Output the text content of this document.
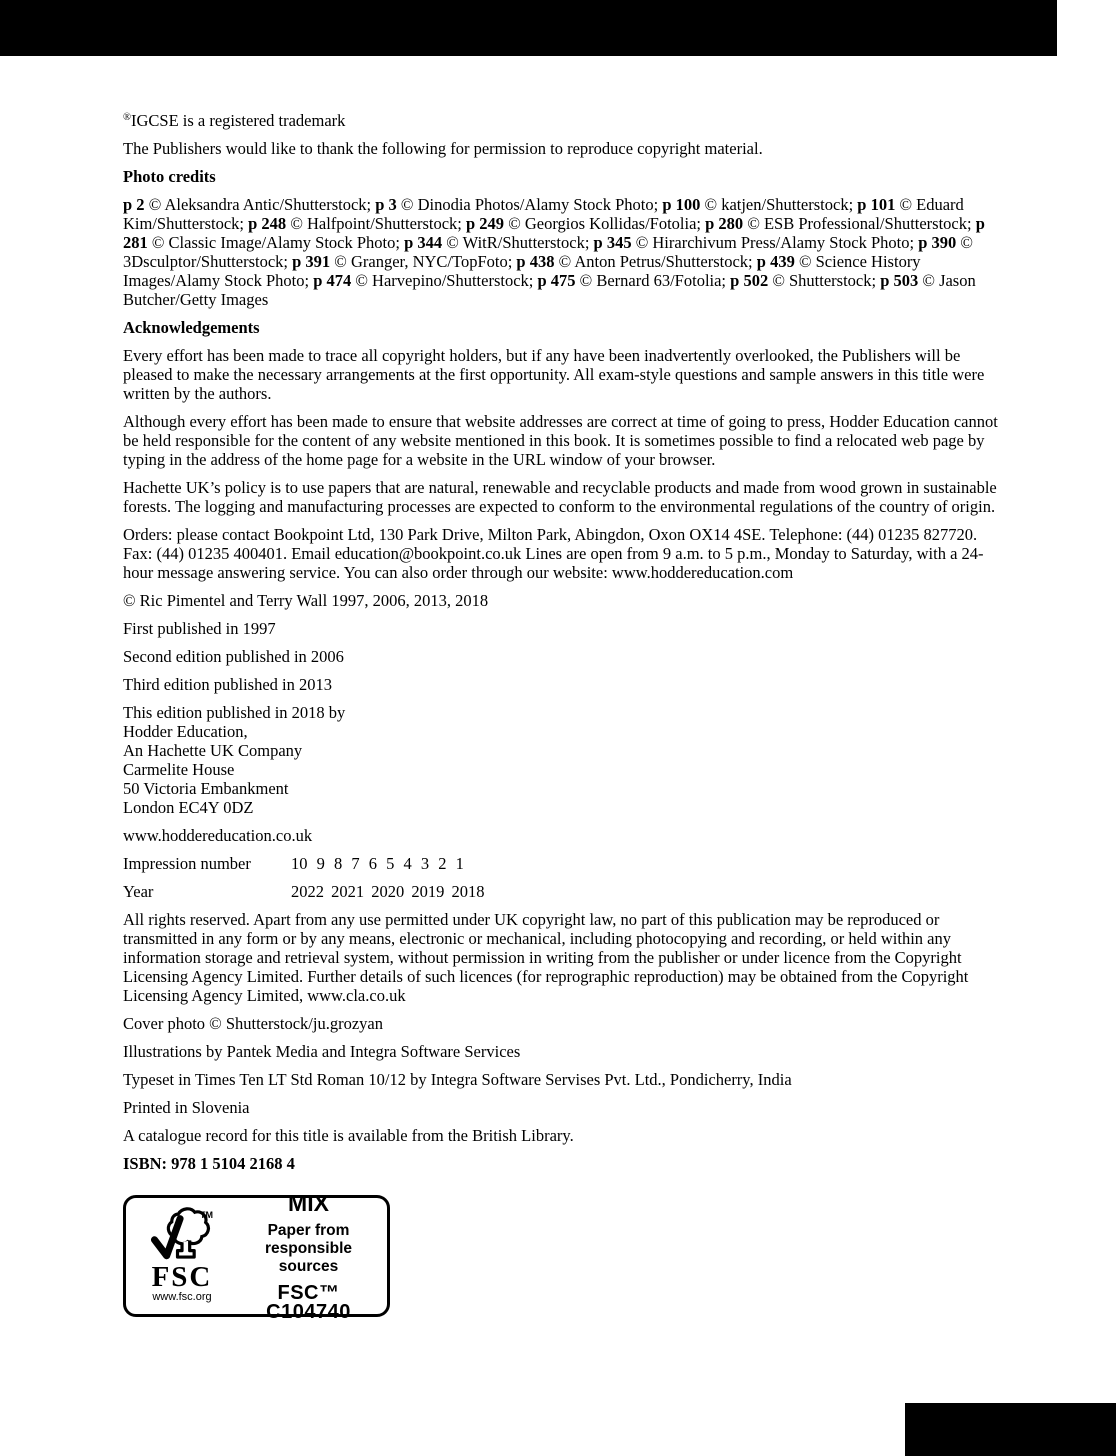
®IGCSE is a registered trademark

The Publishers would like to thank the following for permission to reproduce copyright material.

Photo credits

p 2 © Aleksandra Antic/Shutterstock; p 3 © Dinodia Photos/Alamy Stock Photo; p 100 © katjen/Shutterstock; p 101 © Eduard Kim/Shutterstock; p 248 © Halfpoint/Shutterstock; p 249 © Georgios Kollidas/Fotolia; p 280 © ESB Professional/Shutterstock; p 281 © Classic Image/Alamy Stock Photo; p 344 © WitR/Shutterstock; p 345 © Hirarchivum Press/Alamy Stock Photo; p 390 © 3Dsculptor/Shutterstock; p 391 © Granger, NYC/TopFoto; p 438 © Anton Petrus/Shutterstock; p 439 © Science History Images/Alamy Stock Photo; p 474 © Harvepino/Shutterstock; p 475 © Bernard 63/Fotolia; p 502 © Shutterstock; p 503 © Jason Butcher/Getty Images

Acknowledgements

Every effort has been made to trace all copyright holders, but if any have been inadvertently overlooked, the Publishers will be pleased to make the necessary arrangements at the first opportunity. All exam-style questions and sample answers in this title were written by the authors.

Although every effort has been made to ensure that website addresses are correct at time of going to press, Hodder Education cannot be held responsible for the content of any website mentioned in this book. It is sometimes possible to find a relocated web page by typing in the address of the home page for a website in the URL window of your browser.

Hachette UK’s policy is to use papers that are natural, renewable and recyclable products and made from wood grown in sustainable forests. The logging and manufacturing processes are expected to conform to the environmental regulations of the country of origin.

Orders: please contact Bookpoint Ltd, 130 Park Drive, Milton Park, Abingdon, Oxon OX14 4SE. Telephone: (44) 01235 827720. Fax: (44) 01235 400401. Email education@bookpoint.co.uk Lines are open from 9 a.m. to 5 p.m., Monday to Saturday, with a 24-hour message answering service. You can also order through our website: www.hoddereducation.com

© Ric Pimentel and Terry Wall 1997, 2006, 2013, 2018

First published in 1997

Second edition published in 2006

Third edition published in 2013

This edition published in 2018 by
Hodder Education,
An Hachette UK Company
Carmelite House
50 Victoria Embankment
London EC4Y 0DZ

www.hoddereducation.co.uk

Impression number	10 9 8 7 6 5 4 3 2 1
Year	2022 2021 2020 2019 2018

All rights reserved. Apart from any use permitted under UK copyright law, no part of this publication may be reproduced or transmitted in any form or by any means, electronic or mechanical, including photocopying and recording, or held within any information storage and retrieval system, without permission in writing from the publisher or under licence from the Copyright Licensing Agency Limited. Further details of such licences (for reprographic reproduction) may be obtained from the Copyright Licensing Agency Limited, www.cla.co.uk

Cover photo © Shutterstock/ju.grozyan

Illustrations by Pantek Media and Integra Software Services

Typeset in Times Ten LT Std Roman 10/12 by Integra Software Servises Pvt. Ltd., Pondicherry, India

Printed in Slovenia

A catalogue record for this title is available from the British Library.

ISBN: 978 1 5104 2168 4

TM
FSC
www.fsc.org
MIX
Paper from
responsible sources
FSC™ C104740
